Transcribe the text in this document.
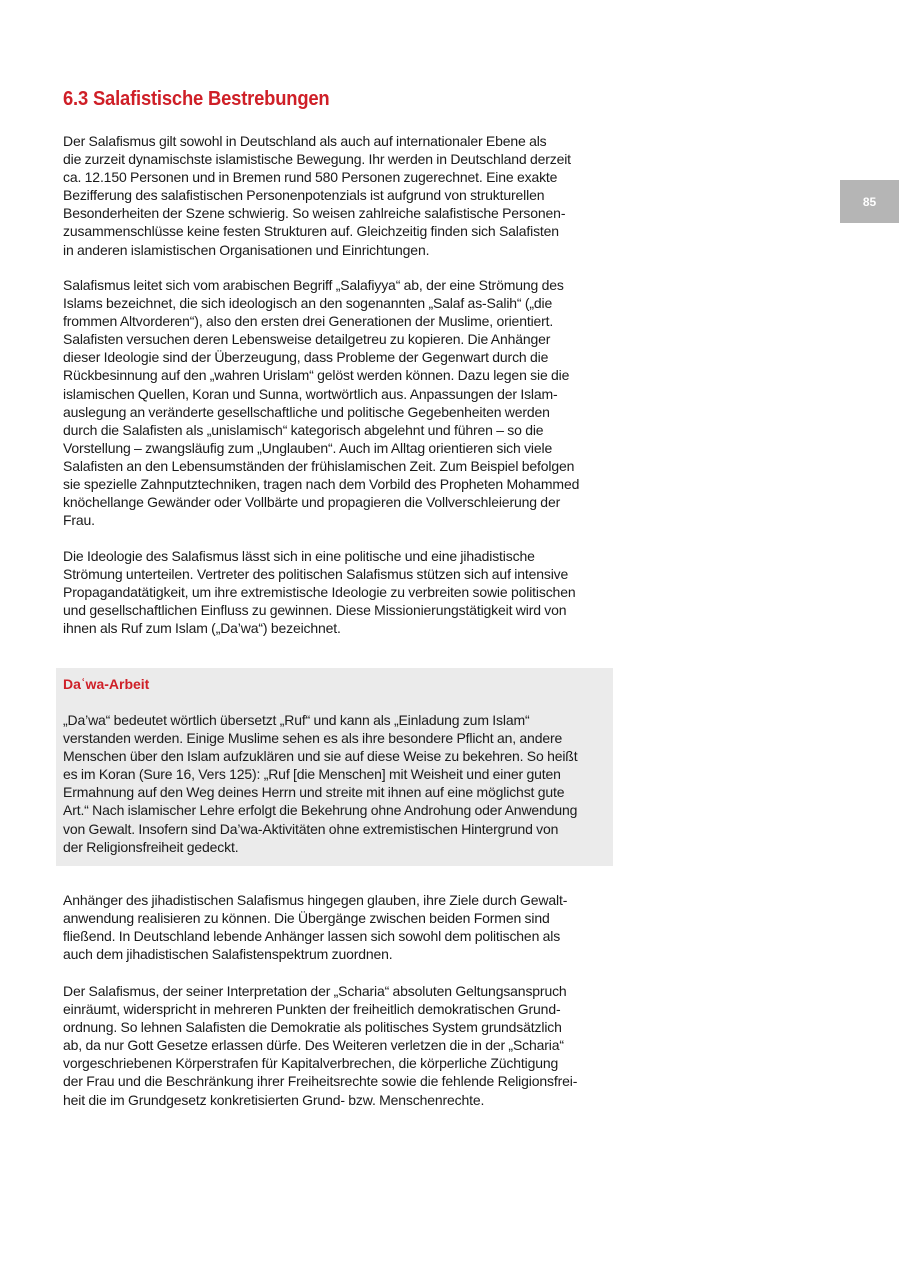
6.3 Salafistische Bestrebungen
85

Der Salafismus gilt sowohl in Deutschland als auch auf internationaler Ebene als
die zurzeit dynamischste islamistische Bewegung. Ihr werden in Deutschland derzeit
ca. 12.150 Personen und in Bremen rund 580 Personen zugerechnet. Eine exakte
Bezifferung des salafistischen Personenpotenzials ist aufgrund von strukturellen
Besonderheiten der Szene schwierig. So weisen zahlreiche salafistische Personen-
zusammenschlüsse keine festen Strukturen auf. Gleichzeitig finden sich Salafisten
in anderen islamistischen Organisationen und Einrichtungen.

Salafismus leitet sich vom arabischen Begriff „Salafiyya“ ab, der eine Strömung des
Islams bezeichnet, die sich ideologisch an den sogenannten „Salaf as-Salih“ („die
frommen Altvorderen“), also den ersten drei Generationen der Muslime, orientiert.
Salafisten versuchen deren Lebensweise detailgetreu zu kopieren. Die Anhänger
dieser Ideologie sind der Überzeugung, dass Probleme der Gegenwart durch die
Rückbesinnung auf den „wahren Urislam“ gelöst werden können. Dazu legen sie die
islamischen Quellen, Koran und Sunna, wortwörtlich aus. Anpassungen der Islam-
auslegung an veränderte gesellschaftliche und politische Gegebenheiten werden
durch die Salafisten als „unislamisch“ kategorisch abgelehnt und führen – so die
Vorstellung – zwangsläufig zum „Unglauben“. Auch im Alltag orientieren sich viele
Salafisten an den Lebensumständen der frühislamischen Zeit. Zum Beispiel befolgen
sie spezielle Zahnputztechniken, tragen nach dem Vorbild des Propheten Mohammed
knöchellange Gewänder oder Vollbärte und propagieren die Vollverschleierung der
Frau.

Die Ideologie des Salafismus lässt sich in eine politische und eine jihadistische
Strömung unterteilen. Vertreter des politischen Salafismus stützen sich auf intensive
Propagandatätigkeit, um ihre extremistische Ideologie zu verbreiten sowie politischen
und gesellschaftlichen Einfluss zu gewinnen. Diese Missionierungstätigkeit wird von
ihnen als Ruf zum Islam („Da’wa“) bezeichnet.

Daʿwa-Arbeit

„Da’wa“ bedeutet wörtlich übersetzt „Ruf“ und kann als „Einladung zum Islam“
verstanden werden. Einige Muslime sehen es als ihre besondere Pflicht an, andere
Menschen über den Islam aufzuklären und sie auf diese Weise zu bekehren. So heißt
es im Koran (Sure 16, Vers 125): „Ruf [die Menschen] mit Weisheit und einer guten
Ermahnung auf den Weg deines Herrn und streite mit ihnen auf eine möglichst gute
Art.“ Nach islamischer Lehre erfolgt die Bekehrung ohne Androhung oder Anwendung
von Gewalt. Insofern sind Da’wa-Aktivitäten ohne extremistischen Hintergrund von
der Religionsfreiheit gedeckt.

Anhänger des jihadistischen Salafismus hingegen glauben, ihre Ziele durch Gewalt-
anwendung realisieren zu können. Die Übergänge zwischen beiden Formen sind
fließend. In Deutschland lebende Anhänger lassen sich sowohl dem politischen als
auch dem jihadistischen Salafistenspektrum zuordnen.

Der Salafismus, der seiner Interpretation der „Scharia“ absoluten Geltungsanspruch
einräumt, widerspricht in mehreren Punkten der freiheitlich demokratischen Grund-
ordnung. So lehnen Salafisten die Demokratie als politisches System grundsätzlich
ab, da nur Gott Gesetze erlassen dürfe. Des Weiteren verletzen die in der „Scharia“
vorgeschriebenen Körperstrafen für Kapitalverbrechen, die körperliche Züchtigung
der Frau und die Beschränkung ihrer Freiheitsrechte sowie die fehlende Religionsfrei-
heit die im Grundgesetz konkretisierten Grund- bzw. Menschenrechte.
